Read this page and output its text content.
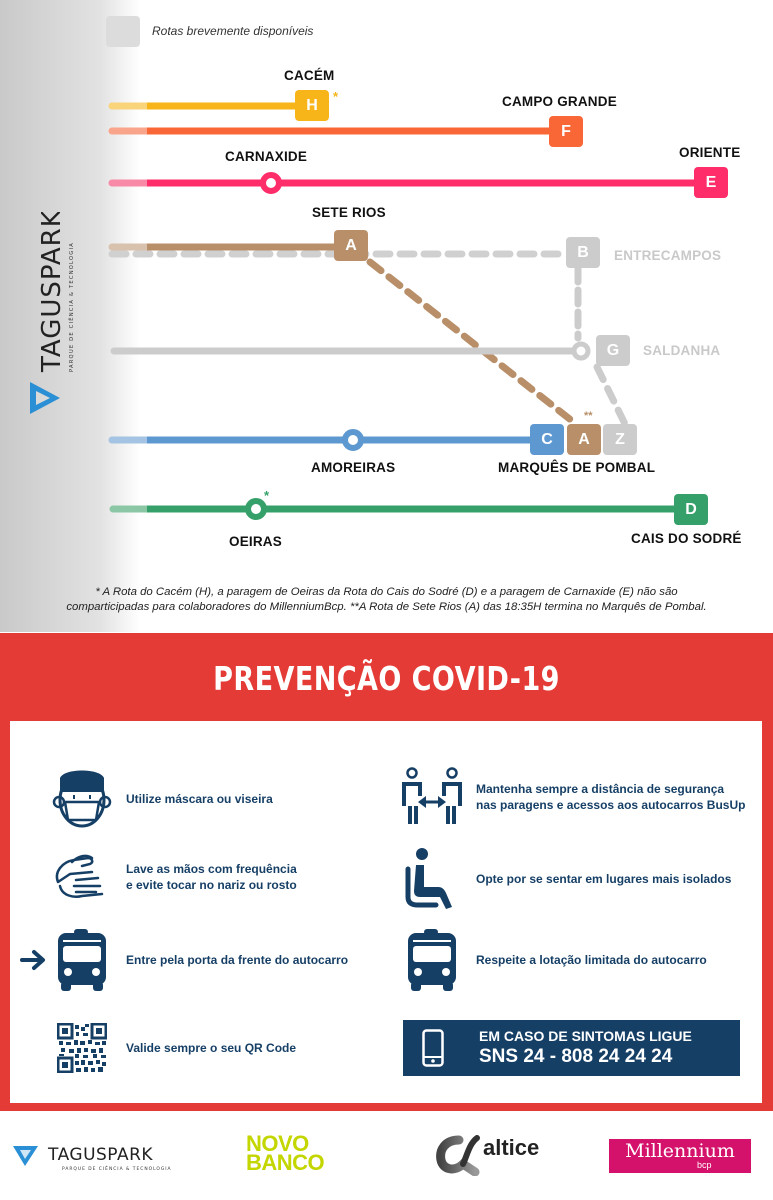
Rotas brevemente disponíveis
CACÉM
CAMPO GRANDE
CARNAXIDE	ORIENTE
SETE RIOS
ENTRECAMPOS
SALDANHA
AMOREIRAS	MARQUÊS DE POMBAL
OEIRAS	CAIS DO SODRÉ
H
*
F
E
A	B
G
C	A
**
Z
*
D
TAGUSPARK PARQUE DE CIÊNCIA & TECNOLOGIA
* A Rota do Cacém (H), a paragem de Oeiras da Rota do Cais do Sodré (D) e a paragem de Carnaxide (E) não são
comparticipadas para colaboradores do MillenniumBcp. **A Rota de Sete Rios (A) das 18:35H termina no Marquês de Pombal.
PREVENÇÃO COVID-19
Utilize máscara ou viseira
Mantenha sempre a distância de segurança
nas paragens e acessos aos autocarros BusUp
Lave as mãos com frequência
e evite tocar no nariz ou rosto	Opte por se sentar em lugares mais isolados
Entre pela porta da frente do autocarro	Respeite a lotação limitada do autocarro
Valide sempre o seu QR Code
EM CASO DE SINTOMAS LIGUE
SNS 24 - 808 24 24 24
TAGUSPARK
PARQUE DE CIÊNCIA & TECNOLOGIA
NOVO
BANCO
altice	Millennium
bcp
